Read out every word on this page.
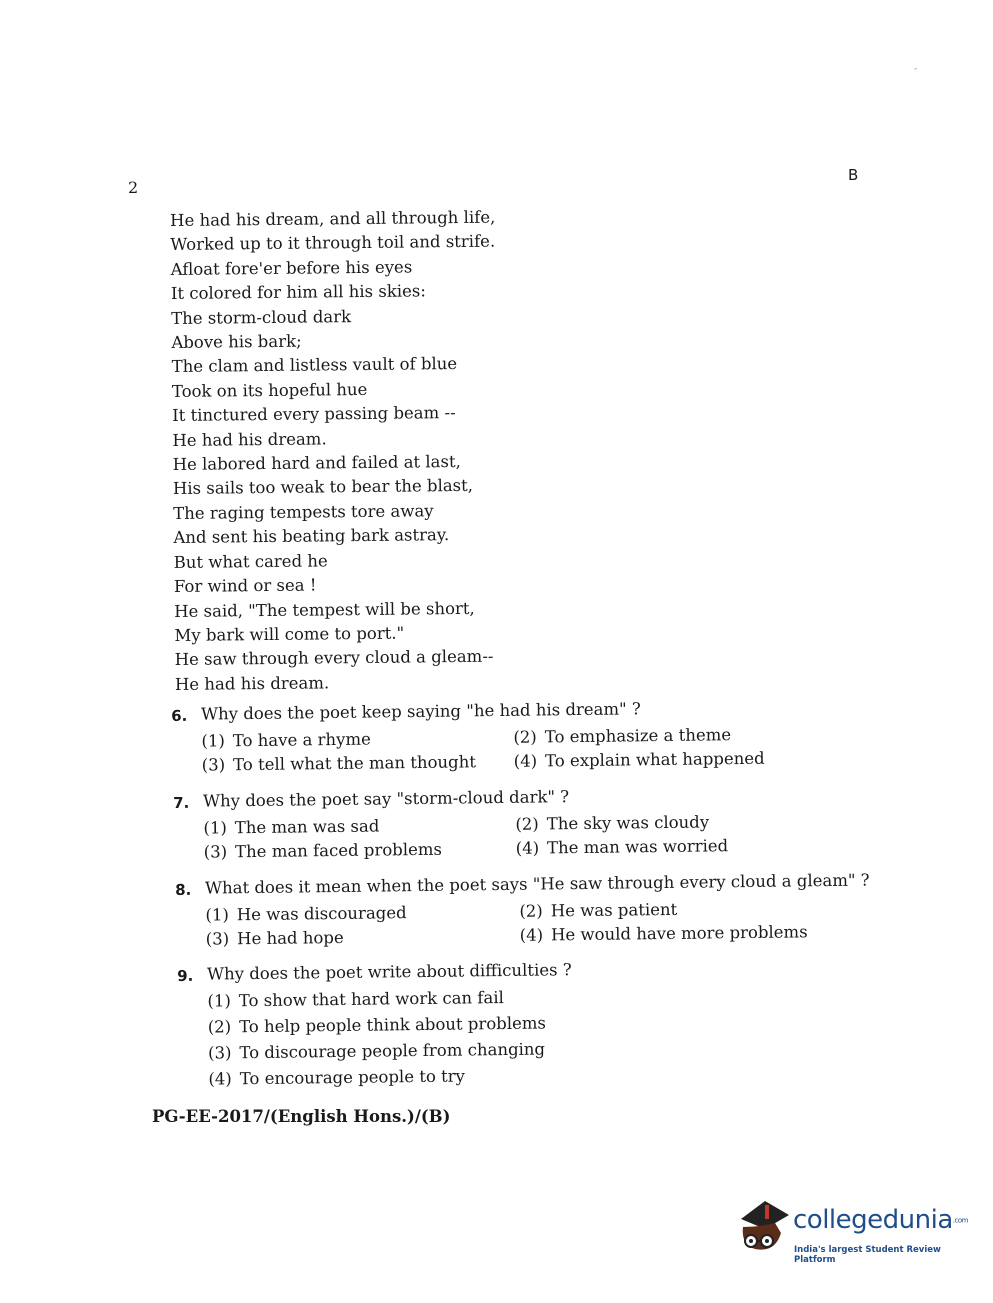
”
2
B
He had his dream, and all through life,
Worked up to it through toil and strife.
Afloat fore'er before his eyes
It colored for him all his skies:
The storm-cloud dark
Above his bark;
The clam and listless vault of blue
Took on its hopeful hue
It tinctured every passing beam --
He had his dream.
He labored hard and failed at last,
His sails too weak to bear the blast,
The raging tempests tore away
And sent his beating bark astray.
But what cared he
For wind or sea !
He said, "The tempest will be short,
My bark will come to port."
He saw through every cloud a gleam--
He had his dream.
6. Why does the poet keep saying "he had his dream" ?
(1) To have a rhyme	(2) To emphasize a theme
(3) To tell what the man thought (4) To explain what happened
7. Why does the poet say "storm-cloud dark" ?
(1) The man was sad	(2) The sky was cloudy
(3) The man faced problems	(4) The man was worried
8. What does it mean when the poet says "He saw through every cloud a gleam" ?
(1) He was discouraged	(2) He was patient
(3) He had hope	(4) He would have more problems
9. Why does the poet write about difficulties ?
(1) To show that hard work can fail
(2) To help people think about problems
(3) To discourage people from changing
(4) To encourage people to try
PG-EE-2017/(English Hons.)/(B)
collegedunia.com
India's largest Student Review Platform
